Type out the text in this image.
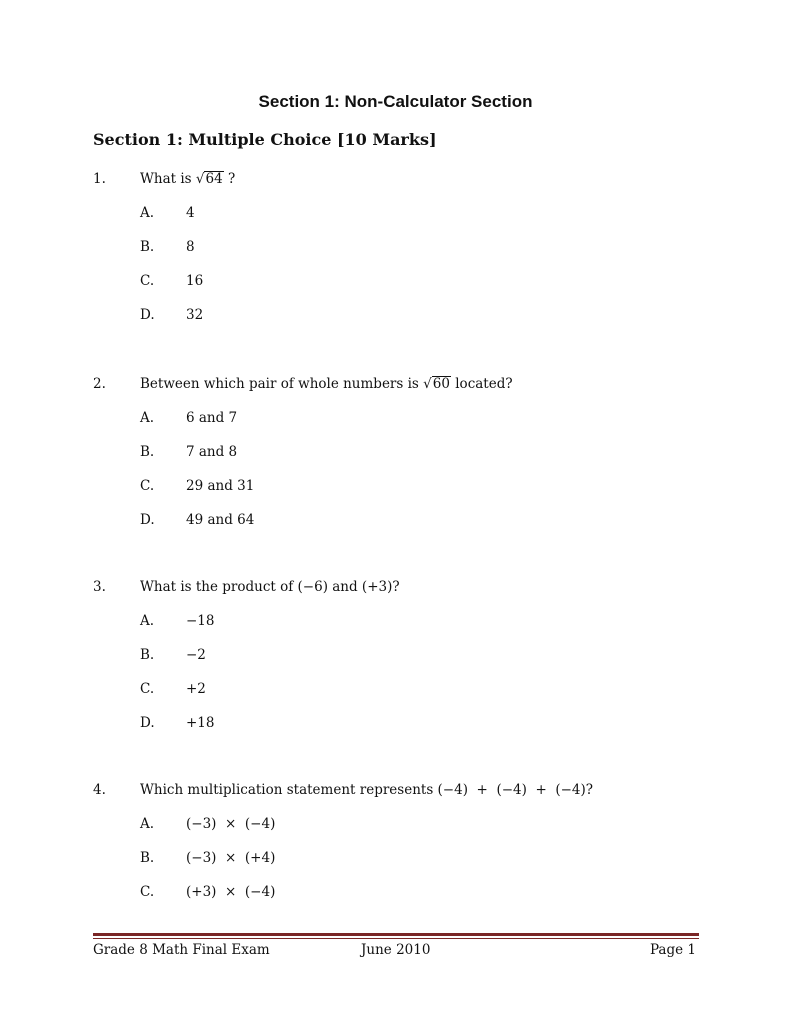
Section 1: Non-Calculator Section
Section 1: Multiple Choice [10 Marks]
1.	What is √64 ?
A. 4
B. 8
C. 16
D. 32
2.	Between which pair of whole numbers is √60 located?
A. 6 and 7
B. 7 and 8
C. 29 and 31
D. 49 and 64
3.	What is the product of (−6) and (+3)?
A. −18
B. −2
C. +2
D. +18
4.	Which multiplication statement represents (−4)  +  (−4)  +  (−4)?
A. (−3)  ×  (−4)
B. (−3)  ×  (+4)
C. (+3)  ×  (−4)
Grade 8 Math Final Exam	June 2010	Page 1
